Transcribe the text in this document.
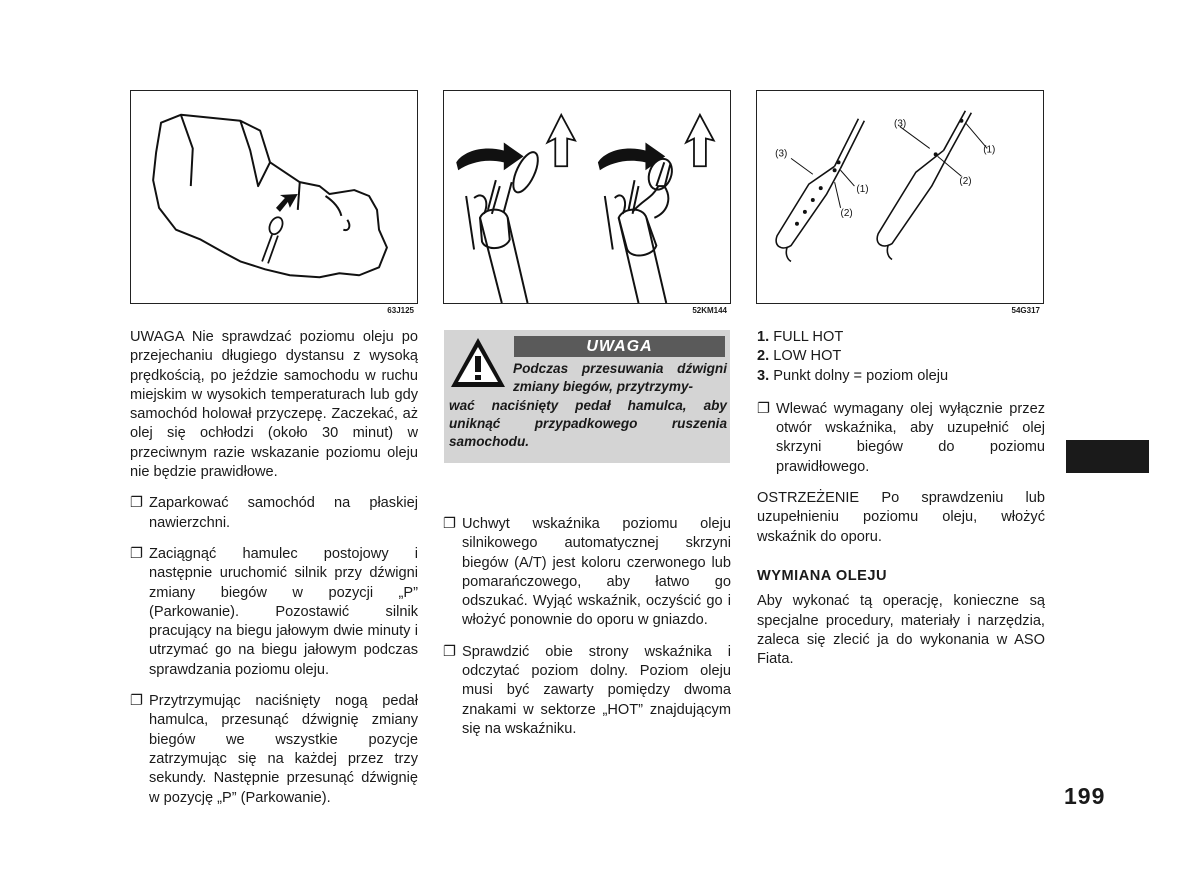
63J125	52KM144
(3)
(1)
(2)
(3)
(1)
(2)
54G317

UWAGA Nie sprawdzać poziomu oleju po przejechaniu długiego dystansu z wysoką prędkością, po jeździe samochodu w ruchu miejskim w wysokich temperaturach lub gdy samochód holował przyczepę. Zaczekać, aż olej się ochłodzi (około 30 minut) w przeciwnym razie wskazanie poziomu oleju nie będzie prawidłowe.

❐ Zaparkować samochód na płaskiej nawierzchni.

❐ Zaciągnąć hamulec postojowy i następnie uruchomić silnik przy dźwigni zmiany biegów w pozycji „P” (Parkowanie). Pozostawić silnik pracujący na biegu jałowym dwie minuty i utrzymać go na biegu jałowym podczas sprawdzania poziomu oleju.

❐ Przytrzymując naciśnięty nogą pedał hamulca, przesunąć dźwignię zmiany biegów we wszystkie pozycje zatrzymując się na każdej przez trzy sekundy. Następnie przesunąć dźwignię w pozycję „P” (Parkowanie).

UWAGA
Podczas przesuwania dźwigni zmiany biegów, przytrzymy-
wać naciśnięty pedał hamulca, aby uniknąć przypadkowego ruszenia samochodu.

❐ Uchwyt wskaźnika poziomu oleju silnikowego automatycznej skrzyni biegów (A/T) jest koloru czerwonego lub pomarańczowego, aby łatwo go odszukać. Wyjąć wskaźnik, oczyścić go i włożyć ponownie do oporu w gniazdo.

❐ Sprawdzić obie strony wskaźnika i odczytać poziom dolny. Poziom oleju musi być zawarty pomiędzy dwoma znakami w sektorze „HOT” znajdującym się na wskaźniku.

1. FULL HOT

2. LOW HOT

3. Punkt dolny = poziom oleju

❐ Wlewać wymagany olej wyłącznie przez otwór wskaźnika, aby uzupełnić olej skrzyni biegów do poziomu prawidłowego.

OSTRZEŻENIE Po sprawdzeniu lub uzupełnieniu poziomu oleju, włożyć wskaźnik do oporu.

WYMIANA OLEJU

Aby wykonać tą operację, konieczne są specjalne procedury, materiały i narzędzia, zaleca się zlecić ja do wykonania w ASO Fiata.

199
